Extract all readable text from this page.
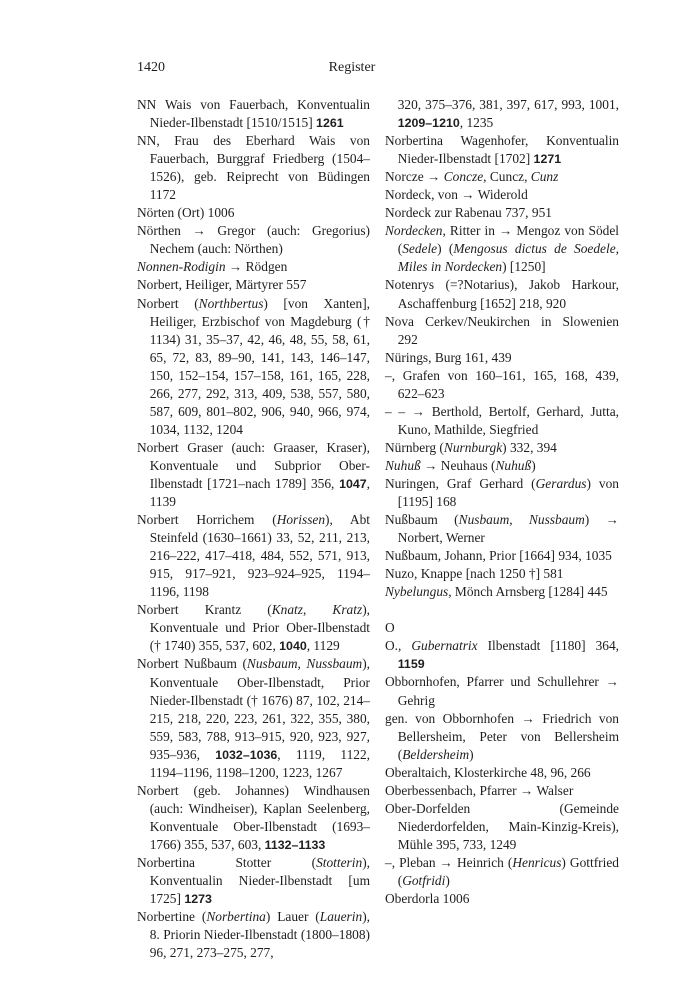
1420	Register
NN Wais von Fauerbach, Konventualin Nieder-Ilbenstadt [1510/1515] 1261
NN, Frau des Eberhard Wais von Fauerbach, Burggraf Friedberg (1504–1526), geb. Reiprecht von Büdingen 1172
Nörten (Ort) 1006
Nörthen → Gregor (auch: Gregorius) Nechem (auch: Nörthen)
Nonnen-Rodigin → Rödgen
Norbert, Heiliger, Märtyrer 557
Norbert (Northbertus) [von Xanten], Heiliger, Erzbischof von Magdeburg († 1134) 31, 35–37, 42, 46, 48, 55, 58, 61, 65, 72, 83, 89–90, 141, 143, 146–147, 150, 152–154, 157–158, 161, 165, 228, 266, 277, 292, 313, 409, 538, 557, 580, 587, 609, 801–802, 906, 940, 966, 974, 1034, 1132, 1204
Norbert Graser (auch: Graaser, Kraser), Konventuale und Subprior Ober-Ilbenstadt [1721–nach 1789] 356, 1047, 1139
Norbert Horrichem (Horissen), Abt Steinfeld (1630–1661) 33, 52, 211, 213, 216–222, 417–418, 484, 552, 571, 913, 915, 917–921, 923–924–925, 1194–1196, 1198
Norbert Krantz (Knatz, Kratz), Konventuale und Prior Ober-Ilbenstadt († 1740) 355, 537, 602, 1040, 1129
Norbert Nußbaum (Nusbaum, Nussbaum), Konventuale Ober-Ilbenstadt, Prior Nieder-Ilbenstadt († 1676) 87, 102, 214–215, 218, 220, 223, 261, 322, 355, 380, 559, 583, 788, 913–915, 920, 923, 927, 935–936, 1032–1036, 1119, 1122, 1194–1196, 1198–1200, 1223, 1267
Norbert (geb. Johannes) Windhausen (auch: Windheiser), Kaplan Seelenberg, Konventuale Ober-Ilbenstadt (1693–1766) 355, 537, 603, 1132–1133
Norbertina Stotter (Stotterin), Konventualin Nieder-Ilbenstadt [um 1725] 1273
Norbertine (Norbertina) Lauer (Lauerin), 8. Priorin Nieder-Ilbenstadt (1800–1808) 96, 271, 273–275, 277,
320, 375–376, 381, 397, 617, 993, 1001, 1209–1210, 1235
Norbertina Wagenhofer, Konventualin Nieder-Ilbenstadt [1702] 1271
Norcze → Concze, Cuncz, Cunz
Nordeck, von → Widerold
Nordeck zur Rabenau 737, 951
Nordecken, Ritter in → Mengoz von Södel (Sedele) (Mengosus dictus de Soedele, Miles in Nordecken) [1250]
Notenrys (=?Notarius), Jakob Harkour, Aschaffenburg [1652] 218, 920
Nova Cerkev/Neukirchen in Slowenien 292
Nürings, Burg 161, 439
–, Grafen von 160–161, 165, 168, 439, 622–623
– – → Berthold, Bertolf, Gerhard, Jutta, Kuno, Mathilde, Siegfried
Nürnberg (Nurnburgk) 332, 394
Nuhuß → Neuhaus (Nuhuß)
Nuringen, Graf Gerhard (Gerardus) von [1195] 168
Nußbaum (Nusbaum, Nussbaum) → Norbert, Werner
Nußbaum, Johann, Prior [1664] 934, 1035
Nuzo, Knappe [nach 1250 †] 581
Nybelungus, Mönch Arnsberg [1284] 445
O
O., Gubernatrix Ilbenstadt [1180] 364, 1159
Obbornhofen, Pfarrer und Schullehrer → Gehrig
gen. von Obbornhofen → Friedrich von Bellersheim, Peter von Bellersheim (Beldersheim)
Oberaltaich, Klosterkirche 48, 96, 266
Oberbessenbach, Pfarrer → Walser
Ober-Dorfelden (Gemeinde Niederdorfelden, Main-Kinzig-Kreis), Mühle 395, 733, 1249
–, Pleban → Heinrich (Henricus) Gottfried (Gotfridi)
Oberdorla 1006
